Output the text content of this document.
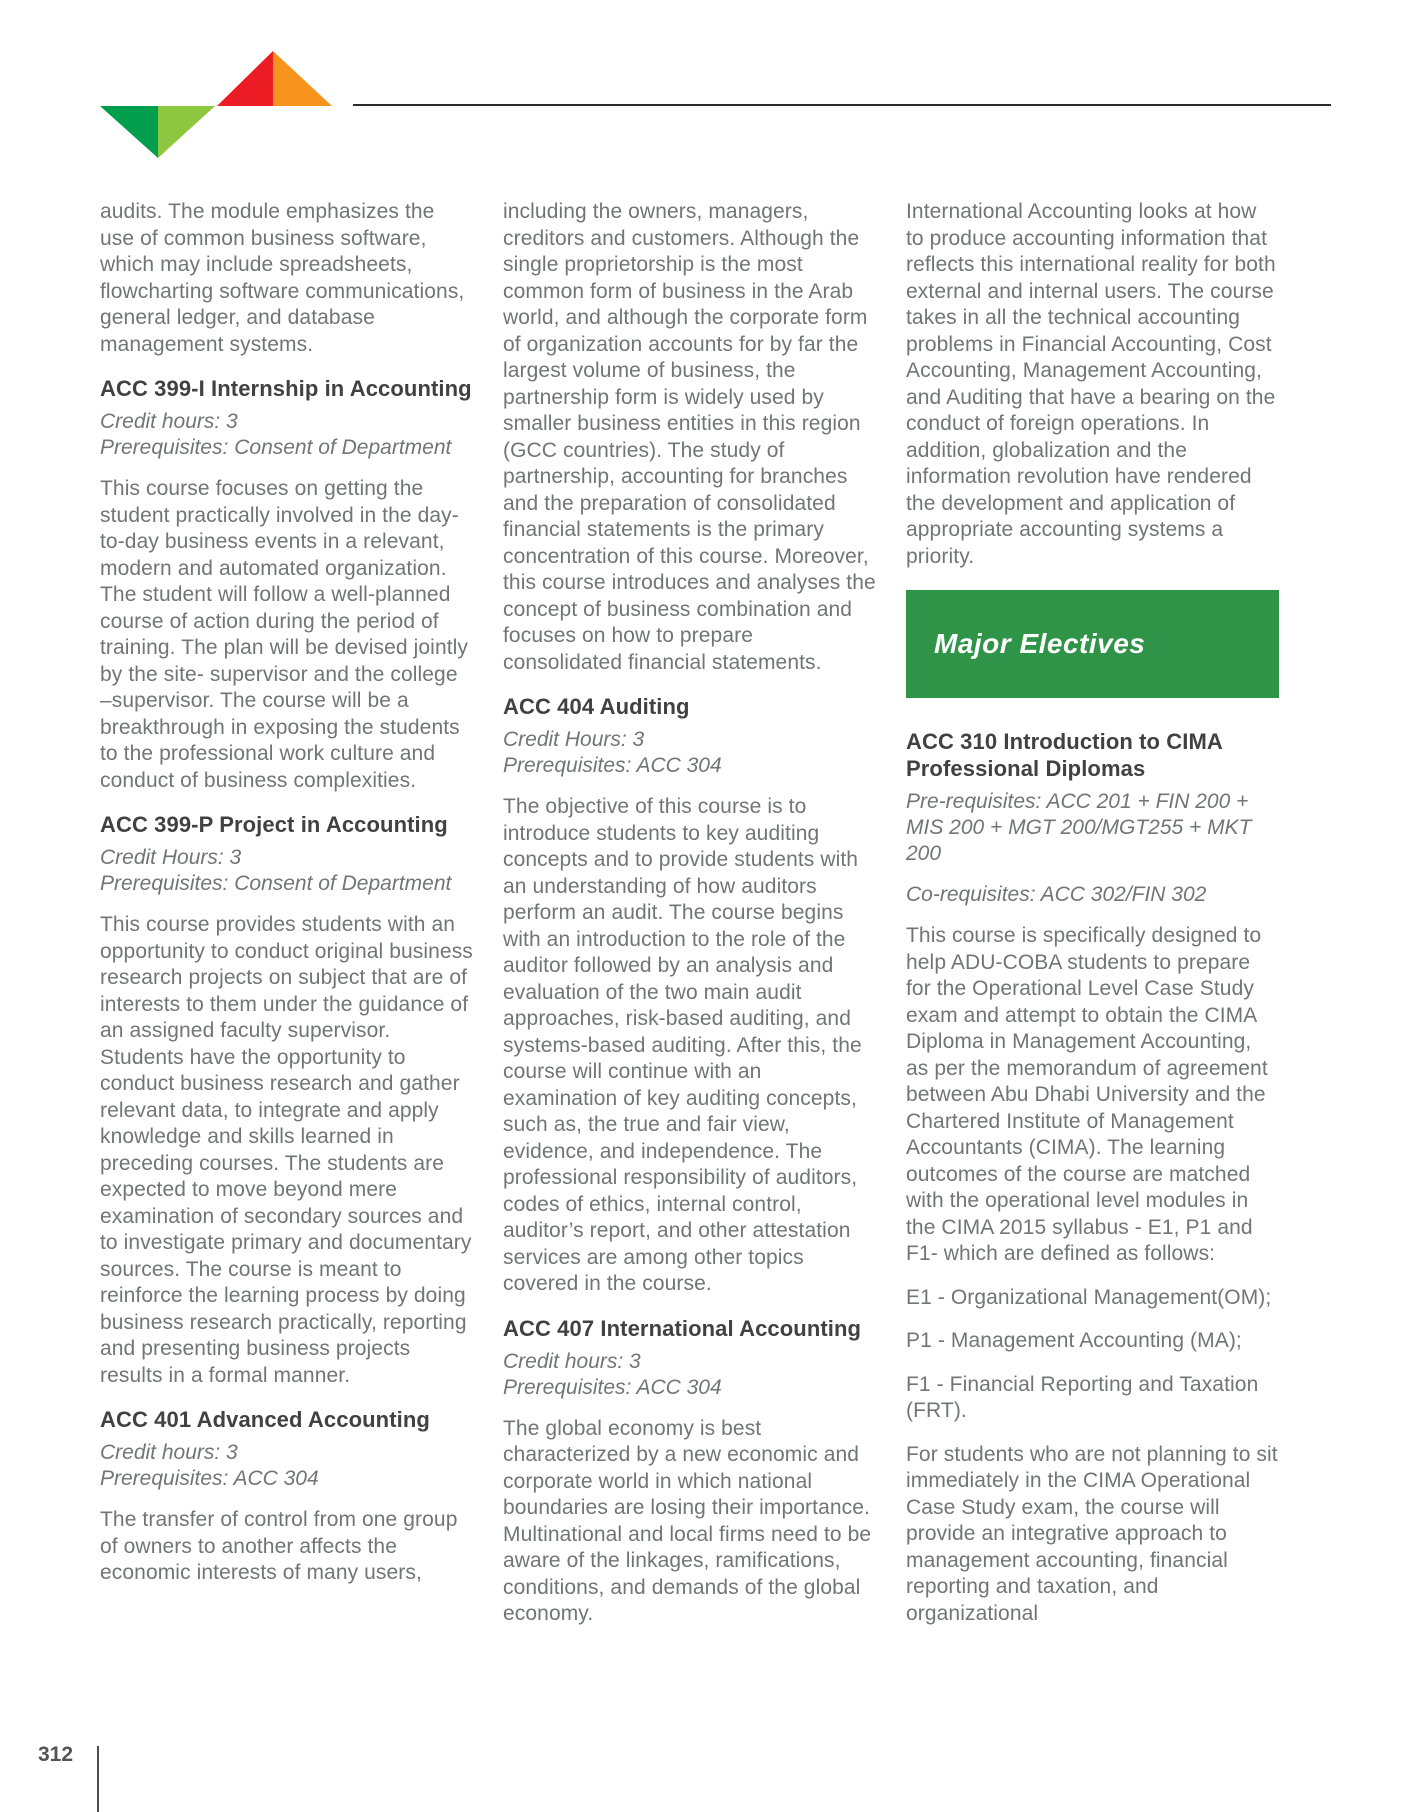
audits. The module emphasizes the use of common business software, which may include spreadsheets, flowcharting software communications, general ledger, and database management systems.

ACC 399-I Internship in Accounting

Credit hours: 3
Prerequisites: Consent of Department

This course focuses on getting the student practically involved in the day-to-day business events in a relevant, modern and automated organization. The student will follow a well-planned course of action during the period of training. The plan will be devised jointly by the site- supervisor and the college –supervisor. The course will be a breakthrough in exposing the students to the professional work culture and conduct of business complexities.

ACC 399-P Project in Accounting

Credit Hours: 3
Prerequisites: Consent of Department

This course provides students with an opportunity to conduct original business research projects on subject that are of interests to them under the guidance of an assigned faculty supervisor. Students have the opportunity to conduct business research and gather relevant data, to integrate and apply knowledge and skills learned in preceding courses. The students are expected to move beyond mere examination of secondary sources and to investigate primary and documentary sources. The course is meant to reinforce the learning process by doing business research practically, reporting and presenting business projects results in a formal manner.

ACC 401 Advanced Accounting

Credit hours: 3
Prerequisites: ACC 304

The transfer of control from one group of owners to another affects the economic interests of many users,

including the owners, managers, creditors and customers. Although the single proprietorship is the most common form of business in the Arab world, and although the corporate form of organization accounts for by far the largest volume of business, the partnership form is widely used by smaller business entities in this region (GCC countries). The study of partnership, accounting for branches and the preparation of consolidated financial statements is the primary concentration of this course. Moreover, this course introduces and analyses the concept of business combination and focuses on how to prepare consolidated financial statements.

ACC 404 Auditing

Credit Hours: 3
Prerequisites: ACC 304

The objective of this course is to introduce students to key auditing concepts and to provide students with an understanding of how auditors perform an audit. The course begins with an introduction to the role of the auditor followed by an analysis and evaluation of the two main audit approaches, risk-based auditing, and systems-based auditing. After this, the course will continue with an examination of key auditing concepts, such as, the true and fair view, evidence, and independence. The professional responsibility of auditors, codes of ethics, internal control, auditor’s report, and other attestation services are among other topics covered in the course.

ACC 407 International Accounting

Credit hours: 3
Prerequisites: ACC 304

The global economy is best characterized by a new economic and corporate world in which national boundaries are losing their importance. Multinational and local firms need to be aware of the linkages, ramifications, conditions, and demands of the global economy.

International Accounting looks at how to produce accounting information that reflects this international reality for both external and internal users. The course takes in all the technical accounting problems in Financial Accounting, Cost Accounting, Management Accounting, and Auditing that have a bearing on the conduct of foreign operations. In addition, globalization and the information revolution have rendered the development and application of appropriate accounting systems a priority.

Major Electives
ACC 310 Introduction to CIMA Professional Diplomas

Pre-requisites: ACC 201 + FIN 200 + MIS 200 + MGT 200/MGT255 + MKT 200

Co-requisites: ACC 302/FIN 302

This course is specifically designed to help ADU-COBA students to prepare for the Operational Level Case Study exam and attempt to obtain the CIMA Diploma in Management Accounting, as per the memorandum of agreement between Abu Dhabi University and the Chartered Institute of Management Accountants (CIMA). The learning outcomes of the course are matched with the operational level modules in the CIMA 2015 syllabus - E1, P1 and F1- which are defined as follows:

E1 - Organizational Management(OM);

P1 - Management Accounting (MA);

F1 - Financial Reporting and Taxation (FRT).

For students who are not planning to sit immediately in the CIMA Operational Case Study exam, the course will provide an integrative approach to management accounting, financial reporting and taxation, and organizational

312
